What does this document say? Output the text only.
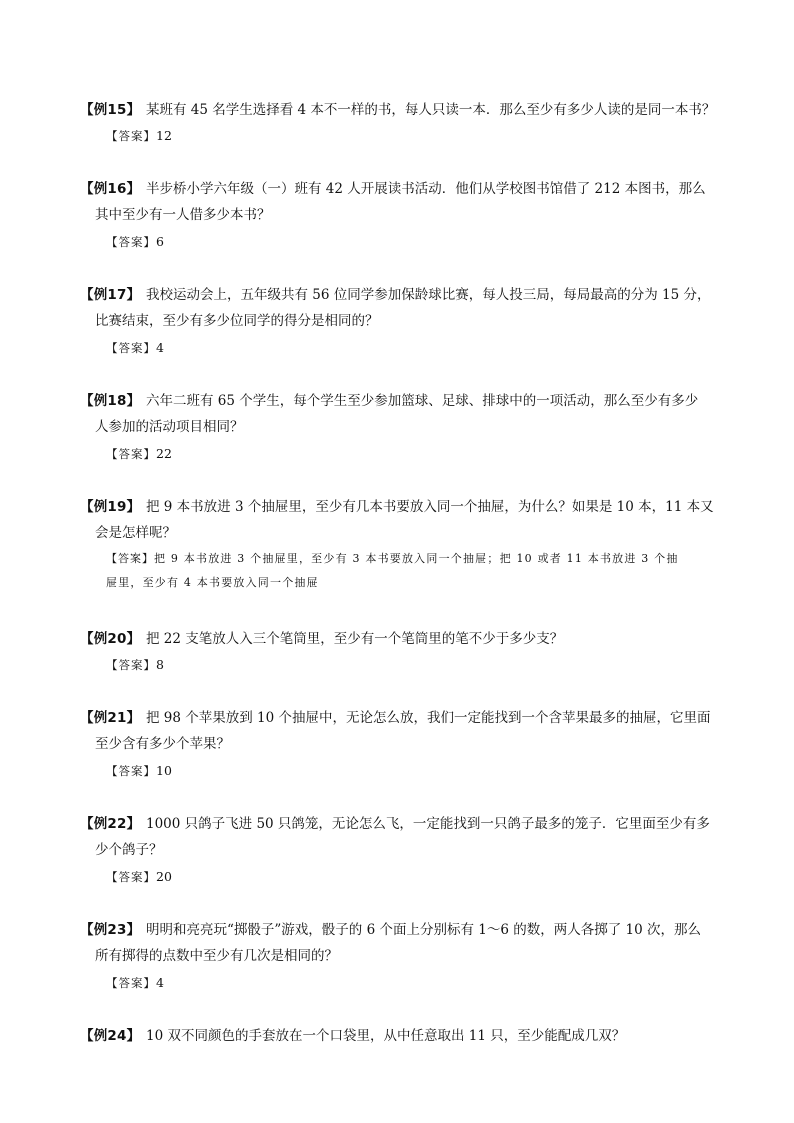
【例15】 某班有 45 名学生选择看 4 本不一样的书，每人只读一本．那么至少有多少人读的是同一本书？
【答案】12
【例16】 半步桥小学六年级（一）班有 42 人开展读书活动．他们从学校图书馆借了 212 本图书，那么
其中至少有一人借多少本书？
【答案】6
【例17】 我校运动会上，五年级共有 56 位同学参加保龄球比赛，每人投三局，每局最高的分为 15 分，
比赛结束，至少有多少位同学的得分是相同的？
【答案】4
【例18】 六年二班有 65 个学生，每个学生至少参加篮球、足球、排球中的一项活动，那么至少有多少
人参加的活动项目相同？
【答案】22
【例19】 把 9 本书放进 3 个抽屉里，至少有几本书要放入同一个抽屉，为什么？如果是 10 本，11 本又
会是怎样呢？
【答案】把 9 本书放进 3 个抽屉里，至少有 3 本书要放入同一个抽屉；把 10 或者 11 本书放进 3 个抽
屉里，至少有 4 本书要放入同一个抽屉
【例20】 把 22 支笔放人入三个笔筒里，至少有一个笔筒里的笔不少于多少支？
【答案】8
【例21】 把 98 个苹果放到 10 个抽屉中，无论怎么放，我们一定能找到一个含苹果最多的抽屉，它里面
至少含有多少个苹果？
【答案】10
【例22】 1000 只鸽子飞进 50 只鸽笼，无论怎么飞，一定能找到一只鸽子最多的笼子．它里面至少有多
少个鸽子？
【答案】20
【例23】 明明和亮亮玩“掷骰子”游戏，骰子的 6 个面上分别标有 1～6 的数，两人各掷了 10 次，那么
所有掷得的点数中至少有几次是相同的？
【答案】4
【例24】 10 双不同颜色的手套放在一个口袋里，从中任意取出 11 只，至少能配成几双？
